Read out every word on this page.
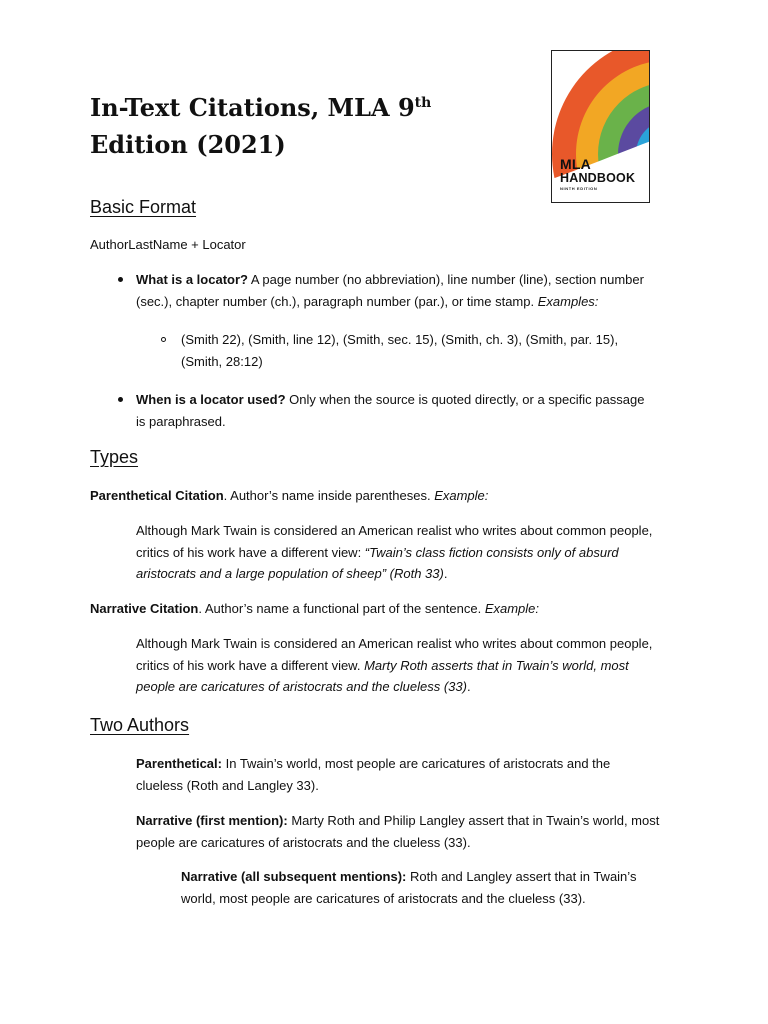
In-Text Citations, MLA 9th Edition (2021)
MLA
HANDBOOK
NINTH EDITION
Basic Format

AuthorLastName + Locator

What is a locator? A page number (no abbreviation), line number (line), section number (sec.), chapter number (ch.), paragraph number (par.), or time stamp. Examples:

(Smith 22), (Smith, line 12), (Smith, sec. 15), (Smith, ch. 3), (Smith, par. 15), (Smith, 28:12)

When is a locator used? Only when the source is quoted directly, or a specific passage is paraphrased.

Types

Parenthetical Citation. Author’s name inside parentheses. Example:

Although Mark Twain is considered an American realist who writes about common people, critics of his work have a different view: “Twain’s class fiction consists only of absurd aristocrats and a large population of sheep” (Roth 33).

Narrative Citation. Author’s name a functional part of the sentence. Example:

Although Mark Twain is considered an American realist who writes about common people, critics of his work have a different view. Marty Roth asserts that in Twain’s world, most people are caricatures of aristocrats and the clueless (33).

Two Authors

Parenthetical: In Twain’s world, most people are caricatures of aristocrats and the clueless (Roth and Langley 33).

Narrative (first mention): Marty Roth and Philip Langley assert that in Twain’s world, most people are caricatures of aristocrats and the clueless (33).

Narrative (all subsequent mentions): Roth and Langley assert that in Twain’s world, most people are caricatures of aristocrats and the clueless (33).
